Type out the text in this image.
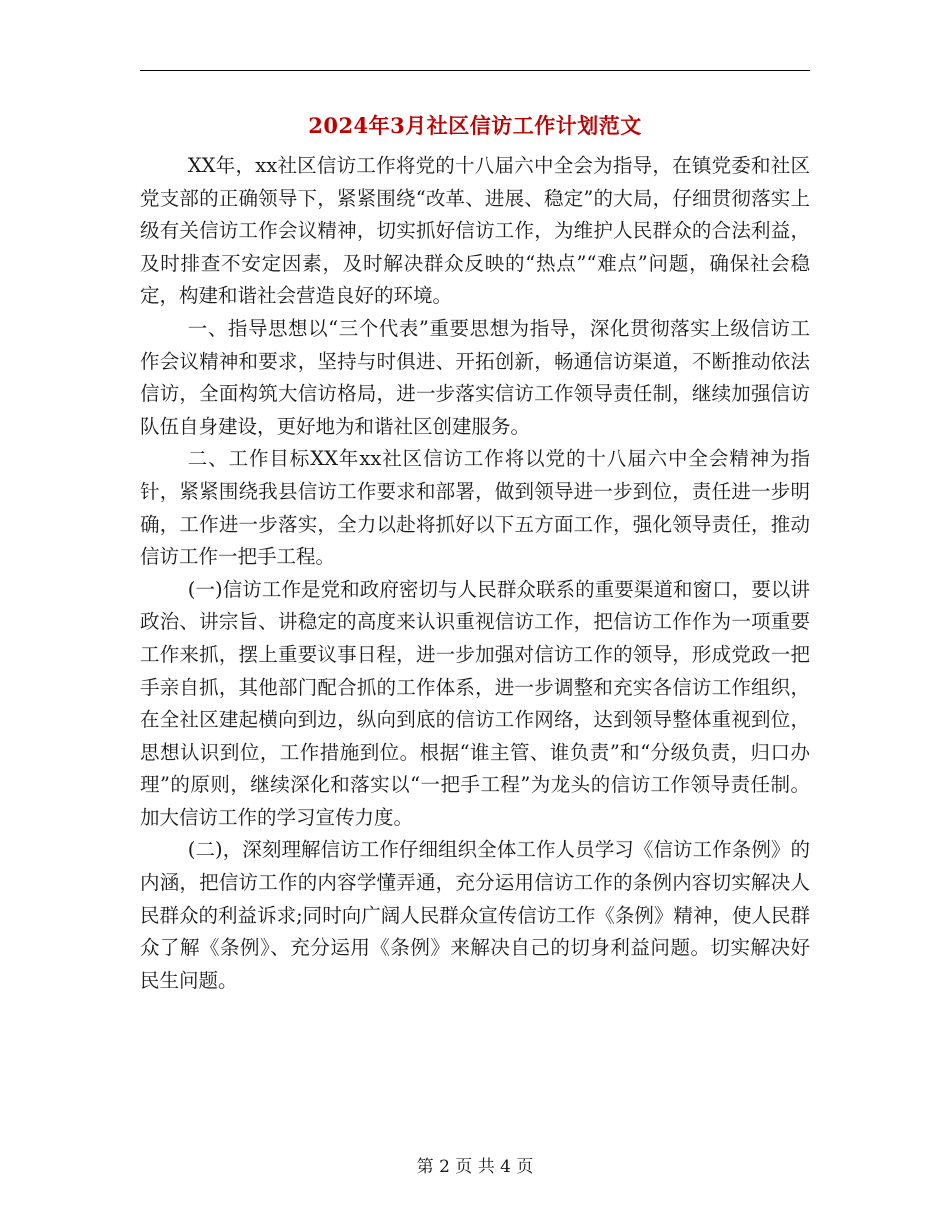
2024年3月社区信访工作计划范文

XX年，xx社区信访工作将党的十八届六中全会为指导，在镇党委和社区党支部的正确领导下，紧紧围绕“改革、进展、稳定”的大局，仔细贯彻落实上级有关信访工作会议精神，切实抓好信访工作，为维护人民群众的合法利益，及时排查不安定因素，及时解决群众反映的“热点”“难点”问题，确保社会稳定，构建和谐社会营造良好的环境。

一、指导思想以“三个代表”重要思想为指导，深化贯彻落实上级信访工作会议精神和要求，坚持与时俱进、开拓创新，畅通信访渠道，不断推动依法信访，全面构筑大信访格局，进一步落实信访工作领导责任制，继续加强信访队伍自身建设，更好地为和谐社区创建服务。

二、工作目标XX年xx社区信访工作将以党的十八届六中全会精神为指针，紧紧围绕我县信访工作要求和部署，做到领导进一步到位，责任进一步明确，工作进一步落实，全力以赴将抓好以下五方面工作，强化领导责任，推动信访工作一把手工程。

(一)信访工作是党和政府密切与人民群众联系的重要渠道和窗口，要以讲政治、讲宗旨、讲稳定的高度来认识重视信访工作，把信访工作作为一项重要工作来抓，摆上重要议事日程，进一步加强对信访工作的领导，形成党政一把手亲自抓，其他部门配合抓的工作体系，进一步调整和充实各信访工作组织，在全社区建起横向到边，纵向到底的信访工作网络，达到领导整体重视到位，思想认识到位，工作措施到位。根据“谁主管、谁负责”和“分级负责，归口办理”的原则，继续深化和落实以“一把手工程”为龙头的信访工作领导责任制。加大信访工作的学习宣传力度。

(二)，深刻理解信访工作仔细组织全体工作人员学习《信访工作条例》的内涵，把信访工作的内容学懂弄通，充分运用信访工作的条例内容切实解决人民群众的利益诉求;同时向广阔人民群众宣传信访工作《条例》精神，使人民群众了解《条例》、充分运用《条例》来解决自己的切身利益问题。切实解决好民生问题。

第 2 页 共 4 页
